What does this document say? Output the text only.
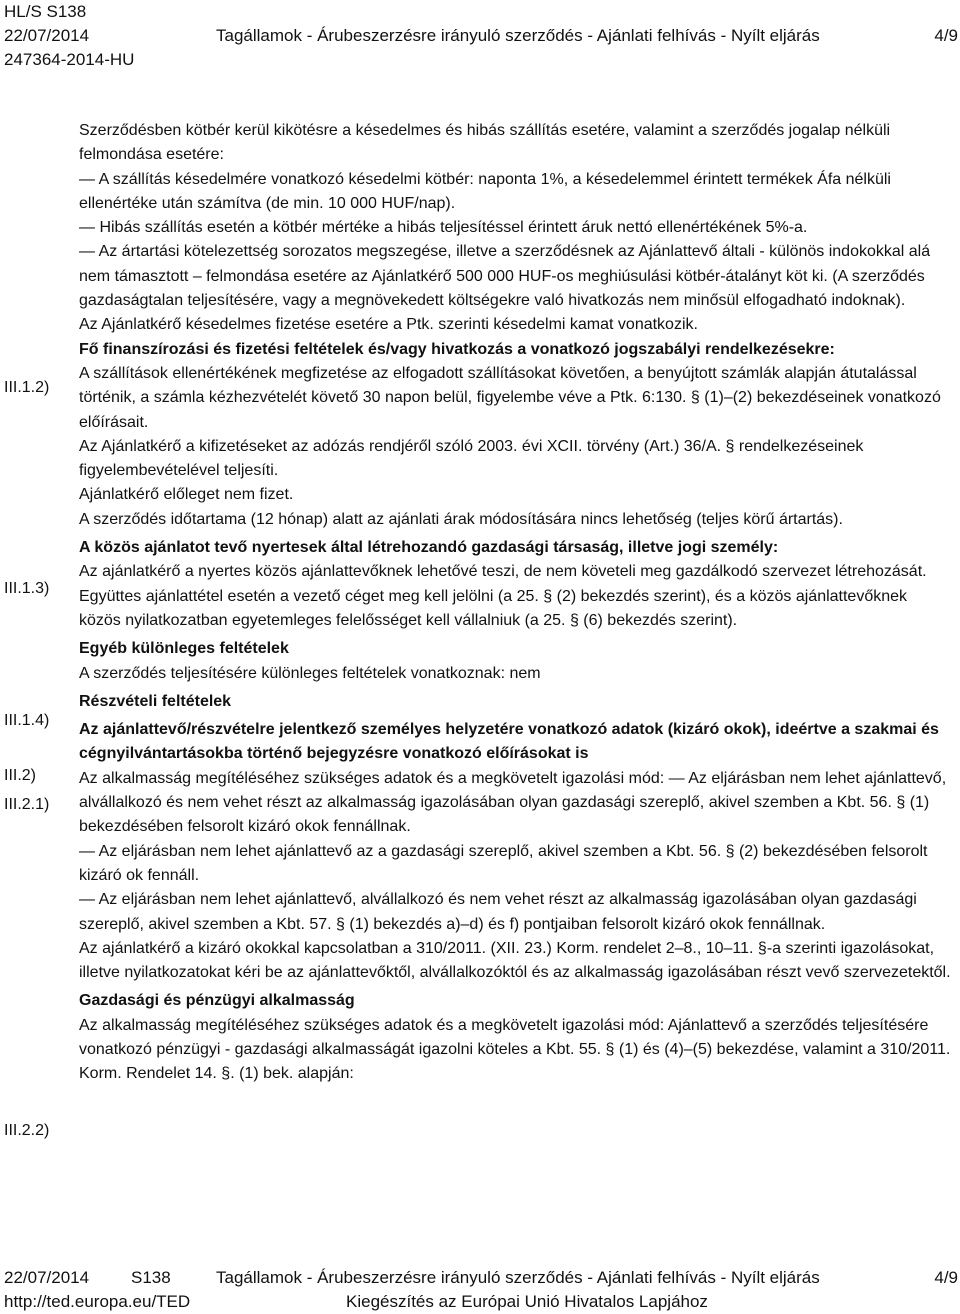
HL/S S138
22/07/2014	Tagállamok - Árubeszerzésre irányuló szerződés - Ajánlati felhívás - Nyílt eljárás	4/9
247364-2014-HU
III.1.2)
III.1.3)
III.1.4)
III.2)
III.2.1)
III.2.2)

Szerződésben kötbér kerül kikötésre a késedelmes és hibás szállítás esetére, valamint a szerződés jogalap nélküli felmondása esetére:

— A szállítás késedelmére vonatkozó késedelmi kötbér: naponta 1%, a késedelemmel érintett termékek Áfa nélküli ellenértéke után számítva (de min. 10 000 HUF/nap).

— Hibás szállítás esetén a kötbér mértéke a hibás teljesítéssel érintett áruk nettó ellenértékének 5%-a.

— Az ártartási kötelezettség sorozatos megszegése, illetve a szerződésnek az Ajánlattevő általi - különös indokokkal alá nem támasztott – felmondása esetére az Ajánlatkérő 500 000 HUF-os meghiúsulási kötbér-átalányt köt ki. (A szerződés gazdaságtalan teljesítésére, vagy a megnövekedett költségekre való hivatkozás nem minősül elfogadható indoknak).

Az Ajánlatkérő késedelmes fizetése esetére a Ptk. szerinti késedelmi kamat vonatkozik.

Fő finanszírozási és fizetési feltételek és/vagy hivatkozás a vonatkozó jogszabályi rendelkezésekre:

A szállítások ellenértékének megfizetése az elfogadott szállításokat követően, a benyújtott számlák alapján átutalással történik, a számla kézhezvételét követő 30 napon belül, figyelembe véve a Ptk. 6:130. § (1)–(2) bekezdéseinek vonatkozó előírásait.

Az Ajánlatkérő a kifizetéseket az adózás rendjéről szóló 2003. évi XCII. törvény (Art.) 36/A. § rendelkezéseinek figyelembevételével teljesíti.

Ajánlatkérő előleget nem fizet.

A szerződés időtartama (12 hónap) alatt az ajánlati árak módosítására nincs lehetőség (teljes körű ártartás).

A közös ajánlatot tevő nyertesek által létrehozandó gazdasági társaság, illetve jogi személy:

Az ajánlatkérő a nyertes közös ajánlattevőknek lehetővé teszi, de nem követeli meg gazdálkodó szervezet létrehozását. Együttes ajánlattétel esetén a vezető céget meg kell jelölni (a 25. § (2) bekezdés szerint), és a közös ajánlattevőknek közös nyilatkozatban egyetemleges felelősséget kell vállalniuk (a 25. § (6) bekezdés szerint).

Egyéb különleges feltételek

A szerződés teljesítésére különleges feltételek vonatkoznak: nem

Részvételi feltételek

Az ajánlattevő/részvételre jelentkező személyes helyzetére vonatkozó adatok (kizáró okok), ideértve a szakmai és cégnyilvántartásokba történő bejegyzésre vonatkozó előírásokat is

Az alkalmasság megítéléséhez szükséges adatok és a megkövetelt igazolási mód: — Az eljárásban nem lehet ajánlattevő, alvállalkozó és nem vehet részt az alkalmasság igazolásában olyan gazdasági szereplő, akivel szemben a Kbt. 56. § (1) bekezdésében felsorolt kizáró okok fennállnak.

— Az eljárásban nem lehet ajánlattevő az a gazdasági szereplő, akivel szemben a Kbt. 56. § (2) bekezdésében felsorolt kizáró ok fennáll.

— Az eljárásban nem lehet ajánlattevő, alvállalkozó és nem vehet részt az alkalmasság igazolásában olyan gazdasági szereplő, akivel szemben a Kbt. 57. § (1) bekezdés a)–d) és f) pontjaiban felsorolt kizáró okok fennállnak.

Az ajánlatkérő a kizáró okokkal kapcsolatban a 310/2011. (XII. 23.) Korm. rendelet 2–8., 10–11. §-a szerinti igazolásokat, illetve nyilatkozatokat kéri be az ajánlattevőktől, alvállalkozóktól és az alkalmasság igazolásában részt vevő szervezetektől.

Gazdasági és pénzügyi alkalmasság

Az alkalmasság megítéléséhez szükséges adatok és a megkövetelt igazolási mód: Ajánlattevő a szerződés teljesítésére vonatkozó pénzügyi - gazdasági alkalmasságát igazolni köteles a Kbt. 55. § (1) és (4)–(5) bekezdése, valamint a 310/2011. Korm. Rendelet 14. §. (1) bek. alapján:

22/07/2014 S138	Tagállamok - Árubeszerzésre irányuló szerződés - Ajánlati felhívás - Nyílt eljárás	4/9
http://ted.europa.eu/TED	Kiegészítés az Európai Unió Hivatalos Lapjához
